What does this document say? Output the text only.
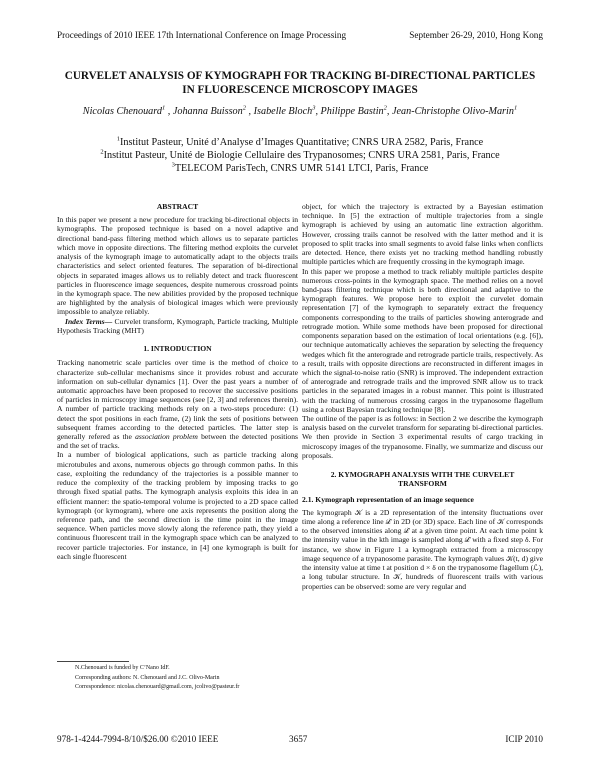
Proceedings of 2010 IEEE 17th International Conference on Image Processing	September 26-29, 2010, Hong Kong
CURVELET ANALYSIS OF KYMOGRAPH FOR TRACKING BI-DIRECTIONAL PARTICLES
IN FLUORESCENCE MICROSCOPY IMAGES
Nicolas Chenouard$^1$ , Johanna Buisson$^2$ , Isabelle Bloch$^3$, Philippe Bastin$^2$, Jean-Christophe Olivo-Marin$^1$
$^1$Institut Pasteur, Unité d’Analyse d’Images Quantitative; CNRS URA 2582, Paris, France
$^2$Institut Pasteur, Unité de Biologie Cellulaire des Trypanosomes; CNRS URA 2581, Paris, France
$^3$TELECOM ParisTech, CNRS UMR 5141 LTCI, Paris, France
ABSTRACT

In this paper we present a new procedure for tracking bi-directional objects in kymographs. The proposed technique is based on a novel adaptive and directional band-pass filtering method which allows us to separate particles which move in opposite directions. The filtering method exploits the curvelet analysis of the kymograph image to automatically adapt to the objects trails characteristics and select oriented features. The separation of bi-directional objects in separated images allows us to reliably detect and track fluorescent particles in fluorescence image sequences, despite numerous crossroad points in the kymograph space. The new abilities provided by the proposed technique are highlighted by the analysis of biological images which were previously impossible to analyze reliably.

Index Terms— Curvelet transform, Kymograph, Particle tracking, Multiple Hypothesis Tracking (MHT)

1. INTRODUCTION

Tracking nanometric scale particles over time is the method of choice to characterize sub-cellular mechanisms since it provides robust and accurate information on sub-cellular dynamics [1]. Over the past years a number of automatic approaches have been proposed to recover the successive positions of particles in microscopy image sequences (see [2, 3] and references therein). A number of particle tracking methods rely on a two-steps procedure: (1) detect the spot positions in each frame, (2) link the sets of positions between subsequent frames according to the detected particles. The latter step is generally refered as the association problem between the detected positions and the set of tracks.

In a number of biological applications, such as particle tracking along microtubules and axons, numerous objects go through common paths. In this case, exploiting the redundancy of the trajectories is a possible manner to reduce the complexity of the tracking problem by imposing tracks to go through fixed spatial paths. The kymograph analysis exploits this idea in an efficient manner: the spatio-temporal volume is projected to a 2D space called kymograph (or kymogram), where one axis represents the position along the reference path, and the second direction is the time point in the image sequence. When particles move slowly along the reference path, they yield a continuous fluorescent trail in the kymograph space which can be analyzed to recover particle trajectories. For instance, in [4] one kymograph is built for each single fluorescent

object, for which the trajectory is extracted by a Bayesian estimation technique. In [5] the extraction of multiple trajectories from a single kymograph is achieved by using an automatic line extraction algorithm. However, crossing trails cannot be resolved with the latter method and it is proposed to split tracks into small segments to avoid false links when conflicts are detected. Hence, there exists yet no tracking method handling robustly multiple particles which are frequently crossing in the kymograph image.

In this paper we propose a method to track reliably multiple particles despite numerous cross-points in the kymograph space. The method relies on a novel band-pass filtering technique which is both directional and adaptive to the kymograph features. We propose here to exploit the curvelet domain representation [7] of the kymograph to separately extract the frequency components corresponding to the trails of particles showing anterograde and retrograde motion. While some methods have been proposed for directional components separation based on the estimation of local orientations (e.g. [6]), our technique automatically achieves the separation by selecting the frequency wedges which fit the anterograde and retrograde particle trails, respectively. As a result, trails with opposite directions are reconstructed in different images in which the signal-to-noise ratio (SNR) is improved. The independent extraction of anterograde and retrograde trails and the improved SNR allow us to track particles in the separated images in a robust manner. This point is illustrated with the tracking of numerous crossing cargos in the trypanosome flagellum using a robust Bayesian tracking technique [8].

The outline of the paper is as follows: in Section 2 we describe the kymograph analysis based on the curvelet transform for separating bi-directional particles. We then provide in Section 3 experimental results of cargo tracking in microscopy images of the trypanosome. Finally, we summarize and discuss our proposals.

2. KYMOGRAPH ANALYSIS WITH THE CURVELET TRANSFORM
2.1. Kymograph representation of an image sequence

The kymograph 𝒦 is a 2D representation of the intensity fluctuations over time along a reference line ℒ in 2D (or 3D) space. Each line of 𝒦 corresponds to the observed intensities along ℒ at a given time point. At each time point k the intensity value in the kth image is sampled along ℒ with a fixed step δ. For instance, we show in Figure 1 a kymograph extracted from a microscopy image sequence of a trypanosome parasite. The kymograph values 𝒦(t, d) give the intensity value at time t at position d × δ on the trypanosome flagellum (ℒ), a long tubular structure. In 𝒦, hundreds of fluorescent trails with various properties can be observed: some are very regular and

N.Chenouard is funded by C’Nano IdF.
Corresponding authors: N. Chenouard and J.C. Olivo-Marin
Correspondence: nicolas.chenouard@gmail.com, jcolivo@pasteur.fr
978-1-4244-7994-8/10/$26.00 ©2010 IEEE	3657	ICIP 2010
